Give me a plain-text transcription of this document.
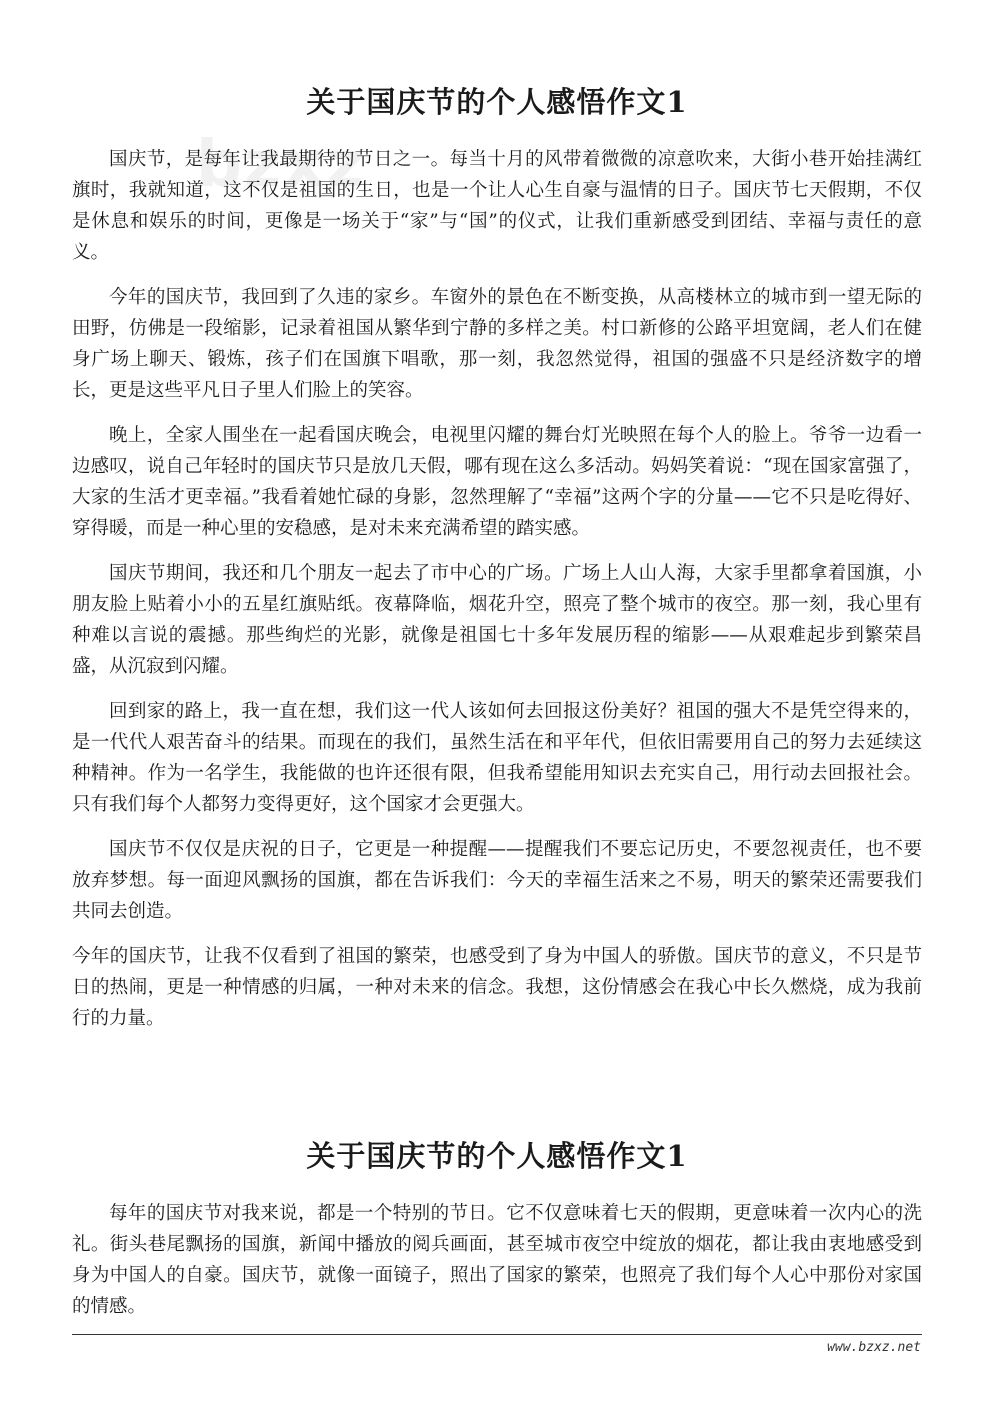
bzxz
关于国庆节的个人感悟作文1

国庆节，是每年让我最期待的节日之一。每当十月的风带着微微的凉意吹来，大街小巷开始挂满红旗时，我就知道，这不仅是祖国的生日，也是一个让人心生自豪与温情的日子。国庆节七天假期，不仅是休息和娱乐的时间，更像是一场关于“家”与“国”的仪式，让我们重新感受到团结、幸福与责任的意义。

今年的国庆节，我回到了久违的家乡。车窗外的景色在不断变换，从高楼林立的城市到一望无际的田野，仿佛是一段缩影，记录着祖国从繁华到宁静的多样之美。村口新修的公路平坦宽阔，老人们在健身广场上聊天、锻炼，孩子们在国旗下唱歌，那一刻，我忽然觉得，祖国的强盛不只是经济数字的增长，更是这些平凡日子里人们脸上的笑容。

晚上，全家人围坐在一起看国庆晚会，电视里闪耀的舞台灯光映照在每个人的脸上。爷爷一边看一边感叹，说自己年轻时的国庆节只是放几天假，哪有现在这么多活动。妈妈笑着说：“现在国家富强了，大家的生活才更幸福。”我看着她忙碌的身影，忽然理解了“幸福”这两个字的分量——它不只是吃得好、穿得暖，而是一种心里的安稳感，是对未来充满希望的踏实感。

国庆节期间，我还和几个朋友一起去了市中心的广场。广场上人山人海，大家手里都拿着国旗，小朋友脸上贴着小小的五星红旗贴纸。夜幕降临，烟花升空，照亮了整个城市的夜空。那一刻，我心里有种难以言说的震撼。那些绚烂的光影，就像是祖国七十多年发展历程的缩影——从艰难起步到繁荣昌盛，从沉寂到闪耀。

回到家的路上，我一直在想，我们这一代人该如何去回报这份美好？祖国的强大不是凭空得来的，是一代代人艰苦奋斗的结果。而现在的我们，虽然生活在和平年代，但依旧需要用自己的努力去延续这种精神。作为一名学生，我能做的也许还很有限，但我希望能用知识去充实自己，用行动去回报社会。只有我们每个人都努力变得更好，这个国家才会更强大。

国庆节不仅仅是庆祝的日子，它更是一种提醒——提醒我们不要忘记历史，不要忽视责任，也不要放弃梦想。每一面迎风飘扬的国旗，都在告诉我们：今天的幸福生活来之不易，明天的繁荣还需要我们共同去创造。

今年的国庆节，让我不仅看到了祖国的繁荣，也感受到了身为中国人的骄傲。国庆节的意义，不只是节日的热闹，更是一种情感的归属，一种对未来的信念。我想，这份情感会在我心中长久燃烧，成为我前行的力量。

关于国庆节的个人感悟作文1

每年的国庆节对我来说，都是一个特别的节日。它不仅意味着七天的假期，更意味着一次内心的洗礼。街头巷尾飘扬的国旗，新闻中播放的阅兵画面，甚至城市夜空中绽放的烟花，都让我由衷地感受到身为中国人的自豪。国庆节，就像一面镜子，照出了国家的繁荣，也照亮了我们每个人心中那份对家国的情感。

www.bzxz.net
